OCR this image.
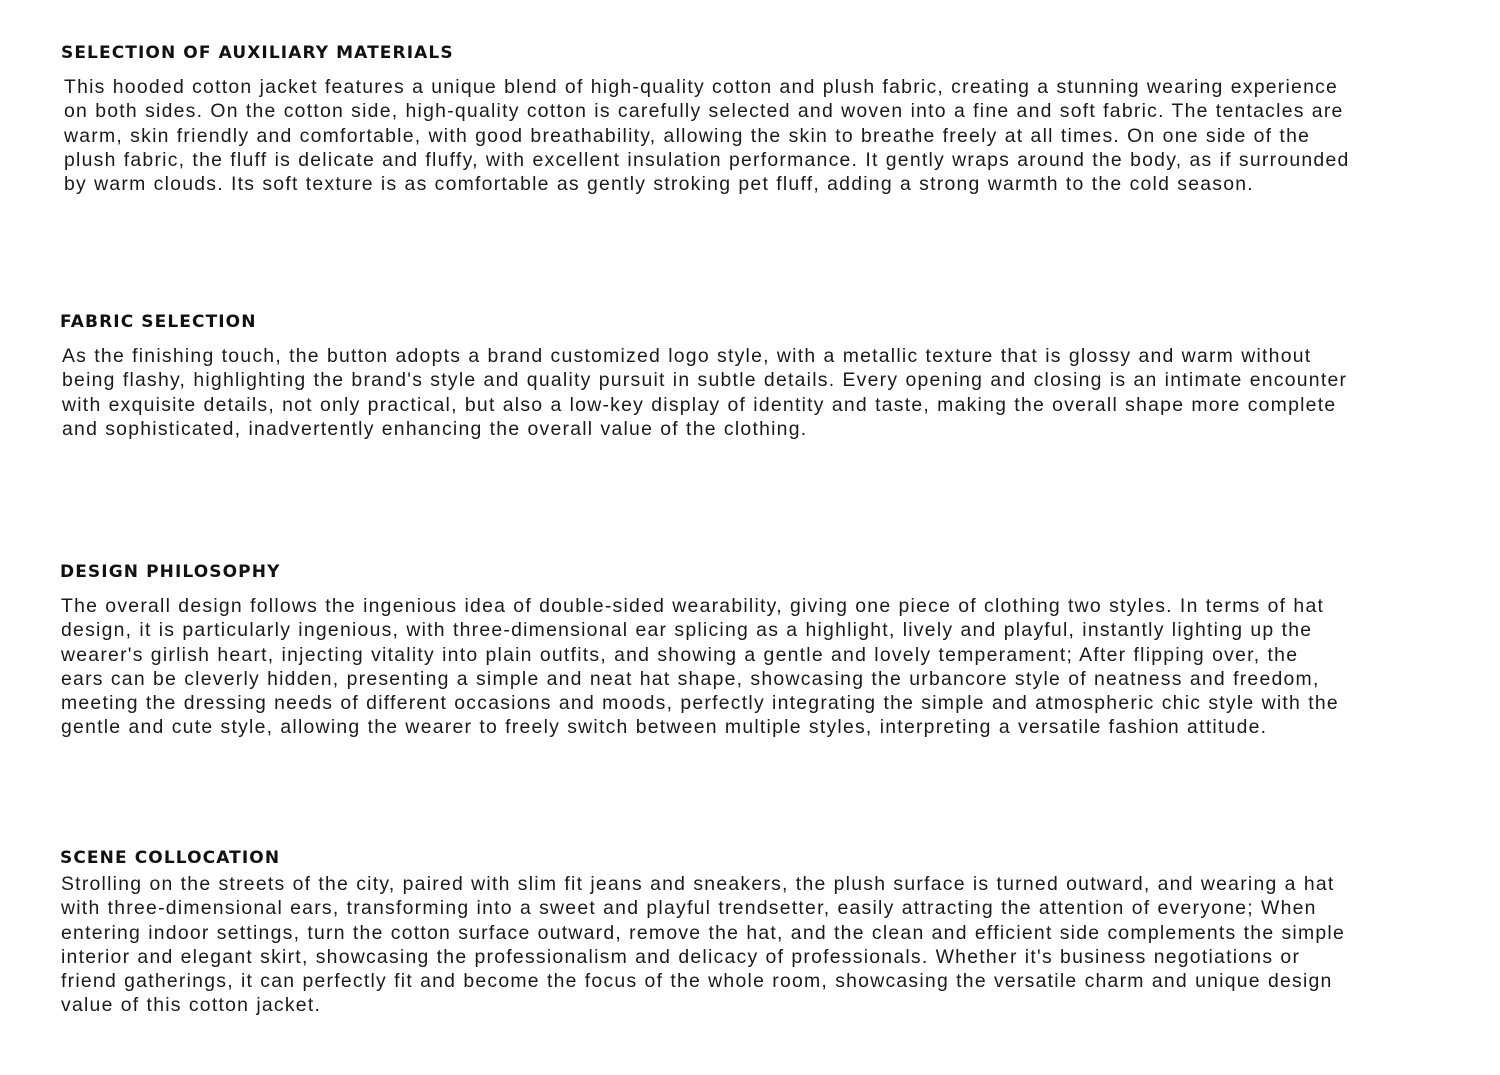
SELECTION OF AUXILIARY MATERIALS
This hooded cotton jacket features a unique blend of high-quality cotton and plush fabric, creating a stunning wearing experience
on both sides. On the cotton side, high-quality cotton is carefully selected and woven into a fine and soft fabric. The tentacles are
warm, skin friendly and comfortable, with good breathability, allowing the skin to breathe freely at all times. On one side of the
plush fabric, the fluff is delicate and fluffy, with excellent insulation performance. It gently wraps around the body, as if surrounded
by warm clouds. Its soft texture is as comfortable as gently stroking pet fluff, adding a strong warmth to the cold season.
FABRIC SELECTION
As the finishing touch, the button adopts a brand customized logo style, with a metallic texture that is glossy and warm without
being flashy, highlighting the brand's style and quality pursuit in subtle details. Every opening and closing is an intimate encounter
with exquisite details, not only practical, but also a low-key display of identity and taste, making the overall shape more complete
and sophisticated, inadvertently enhancing the overall value of the clothing.
DESIGN PHILOSOPHY
The overall design follows the ingenious idea of double-sided wearability, giving one piece of clothing two styles. In terms of hat
design, it is particularly ingenious, with three-dimensional ear splicing as a highlight, lively and playful, instantly lighting up the
wearer's girlish heart, injecting vitality into plain outfits, and showing a gentle and lovely temperament; After flipping over, the
ears can be cleverly hidden, presenting a simple and neat hat shape, showcasing the urbancore style of neatness and freedom,
meeting the dressing needs of different occasions and moods, perfectly integrating the simple and atmospheric chic style with the
gentle and cute style, allowing the wearer to freely switch between multiple styles, interpreting a versatile fashion attitude.
SCENE COLLOCATION
Strolling on the streets of the city, paired with slim fit jeans and sneakers, the plush surface is turned outward, and wearing a hat
with three-dimensional ears, transforming into a sweet and playful trendsetter, easily attracting the attention of everyone; When
entering indoor settings, turn the cotton surface outward, remove the hat, and the clean and efficient side complements the simple
interior and elegant skirt, showcasing the professionalism and delicacy of professionals. Whether it's business negotiations or
friend gatherings, it can perfectly fit and become the focus of the whole room, showcasing the versatile charm and unique design
value of this cotton jacket.
